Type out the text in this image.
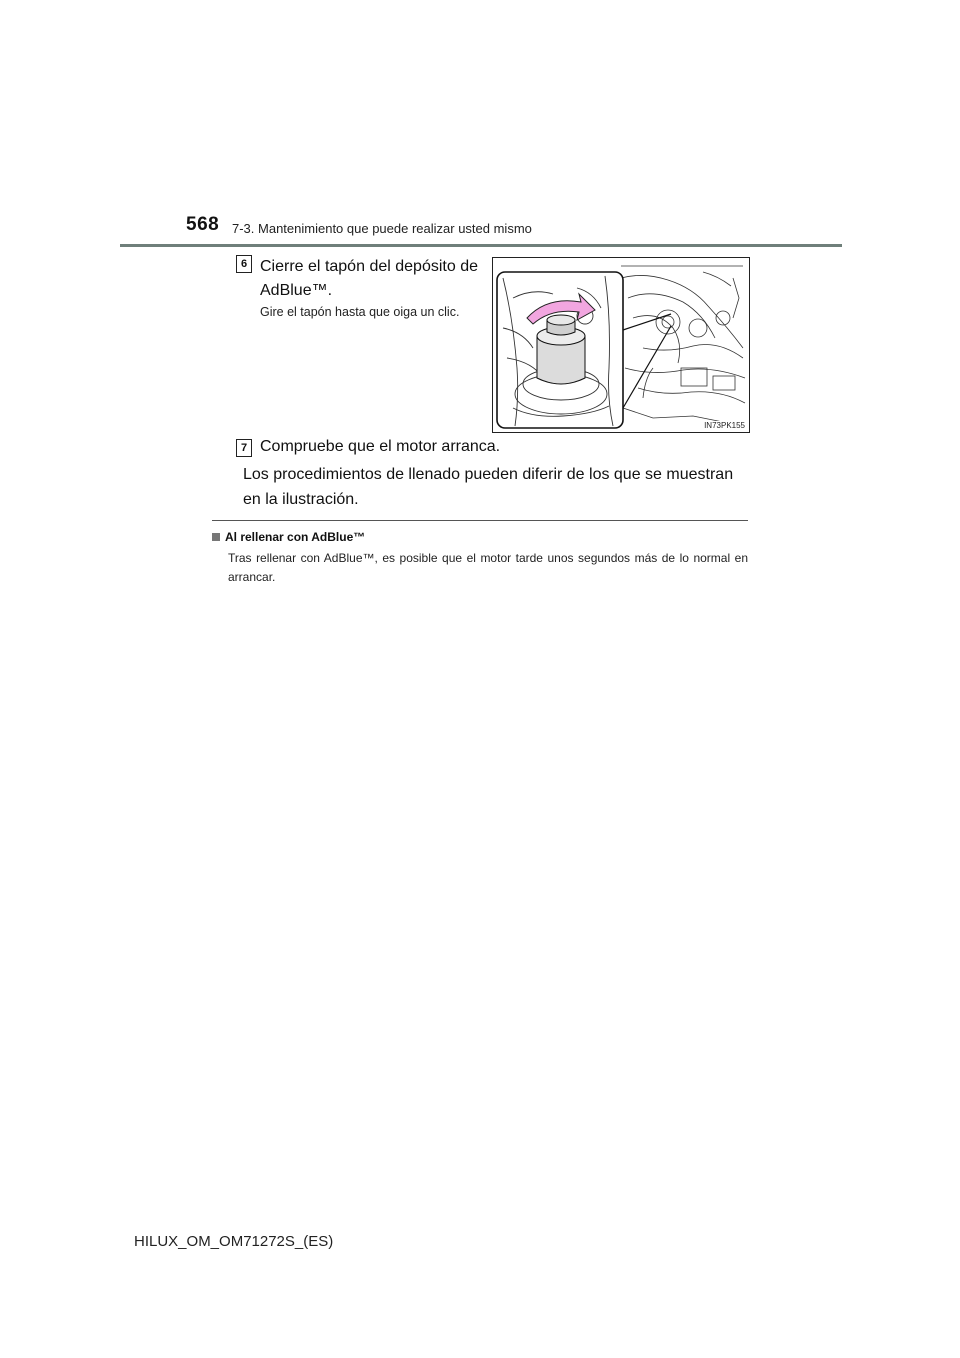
568 7-3. Mantenimiento que puede realizar usted mismo
6 Cierre el tapón del depósito de
AdBlue™.
Gire el tapón hasta que oiga un clic.
IN73PK155
7 Compruebe que el motor arranca.
Los procedimientos de llenado pueden diferir de los que se muestran en la ilustración.
Al rellenar con AdBlue™
Tras rellenar con AdBlue™, es posible que el motor tarde unos segundos más de lo normal en arrancar.
HILUX_OM_OM71272S_(ES)
